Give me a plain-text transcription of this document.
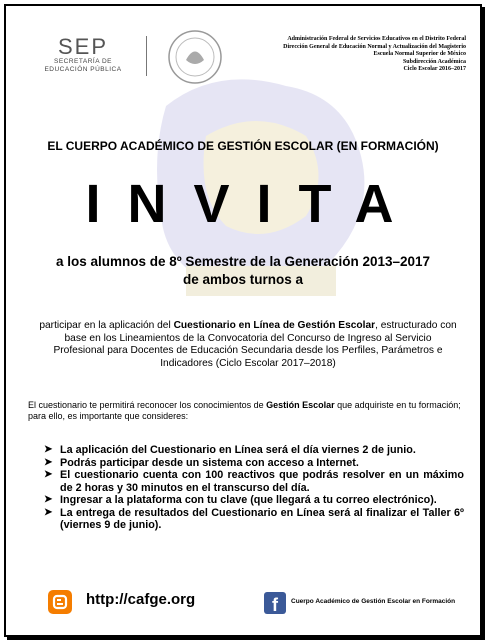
SEP
SECRETARÍA DE
EDUCACIÓN PÚBLICA
Administración Federal de Servicios Educativos en el Distrito Federal
Dirección General de Educación Normal y Actualización del Magisterio
Escuela Normal Superior de México
Subdirección Académica
Ciclo Escolar 2016–2017
EL CUERPO ACADÉMICO DE GESTIÓN ESCOLAR (EN FORMACIÓN)
INVITA
a los alumnos de 8º Semestre de la Generación 2013–2017
de ambos turnos a
participar en la aplicación del Cuestionario en Línea de Gestión Escolar, estructurado con base en los Lineamientos de la Convocatoria del Concurso de Ingreso al Servicio Profesional para Docentes de Educación Secundaria desde los Perfiles, Parámetros e Indicadores (Ciclo Escolar 2017–2018)
El cuestionario te permitirá reconocer los conocimientos de Gestión Escolar que adquiriste en tu formación; para ello, es importante que consideres:
➤ La aplicación del Cuestionario en Línea será el día viernes 2 de junio.
➤ Podrás participar desde un sistema con acceso a Internet.
➤ El cuestionario cuenta con 100 reactivos que podrás resolver en un máximo de 2 horas y 30 minutos en el transcurso del día.
➤ Ingresar a la plataforma con tu clave (que llegará a tu correo electrónico).
➤ La entrega de resultados del Cuestionario en Línea será al finalizar el Taller 6º (viernes 9 de junio).
http://cafge.org	f Cuerpo Académico de Gestión Escolar en Formación
